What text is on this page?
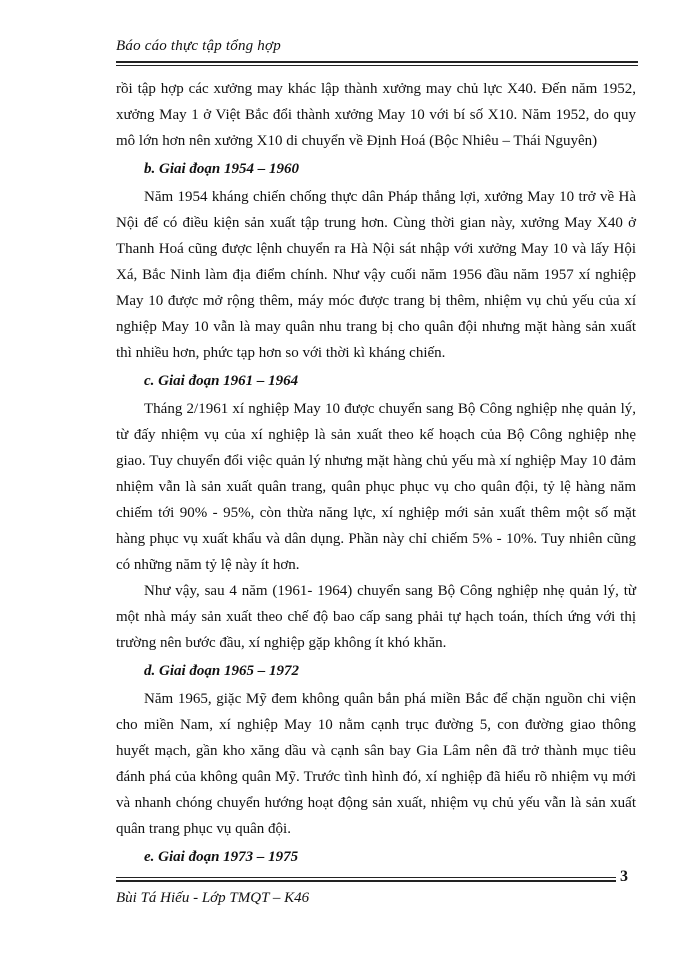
Báo cáo thực tập tổng hợp

rồi tập hợp các xưởng may khác lập thành xưởng may chủ lực X40. Đến năm 1952, xưởng May 1 ở Việt Bắc đổi thành xưởng May 10 với bí số X10. Năm 1952, do quy mô lớn hơn nên xưởng X10 di chuyển về Định Hoá (Bộc Nhiêu – Thái Nguyên)

b. Giai đoạn 1954 – 1960

Năm 1954 kháng chiến chống thực dân Pháp thắng lợi, xưởng May 10 trở về Hà Nội để có điều kiện sản xuất tập trung hơn. Cùng thời gian này, xưởng May X40 ở Thanh Hoá cũng được lệnh chuyển ra Hà Nội sát nhập với xưởng May 10 và lấy Hội Xá, Bắc Ninh làm địa điểm chính. Như vậy cuối năm 1956 đầu năm 1957 xí nghiệp May 10 được mở rộng thêm, máy móc được trang bị thêm, nhiệm vụ chủ yếu của xí nghiệp May 10 vẫn là may quân nhu trang bị cho quân đội nhưng mặt hàng sản xuất thì nhiều hơn, phức tạp hơn so với thời kì kháng chiến.

c. Giai đoạn 1961 – 1964

Tháng 2/1961 xí nghiệp May 10 được chuyển sang Bộ Công nghiệp nhẹ quản lý, từ đấy nhiệm vụ của xí nghiệp là sản xuất theo kế hoạch của Bộ Công nghiệp nhẹ giao. Tuy chuyển đổi việc quản lý nhưng mặt hàng chủ yếu mà xí nghiệp May 10 đảm nhiệm vẫn là sản xuất quân trang, quân phục phục vụ cho quân đội, tỷ lệ hàng năm chiếm tới 90% - 95%, còn thừa năng lực, xí nghiệp mới sản xuất thêm một số mặt hàng phục vụ xuất khẩu và dân dụng. Phần này chỉ chiếm 5% - 10%. Tuy nhiên cũng có những năm tỷ lệ này ít hơn.

Như vậy, sau 4 năm (1961- 1964) chuyển sang Bộ Công nghiệp nhẹ quản lý, từ một nhà máy sản xuất theo chế độ bao cấp sang phải tự hạch toán, thích ứng với thị trường nên bước đầu, xí nghiệp gặp không ít khó khăn.

d. Giai đoạn 1965 – 1972

Năm 1965, giặc Mỹ đem không quân bắn phá miền Bắc để chặn nguồn chi viện cho miền Nam, xí nghiệp May 10 nằm cạnh trục đường 5, con đường giao thông huyết mạch, gần kho xăng dầu và cạnh sân bay Gia Lâm nên đã trở thành mục tiêu đánh phá của không quân Mỹ. Trước tình hình đó, xí nghiệp đã hiểu rõ nhiệm vụ mới và nhanh chóng chuyển hướng hoạt động sản xuất, nhiệm vụ chủ yếu vẫn là sản xuất quân trang phục vụ quân đội.

e. Giai đoạn 1973 – 1975
3
Bùi Tá Hiếu - Lớp TMQT – K46
